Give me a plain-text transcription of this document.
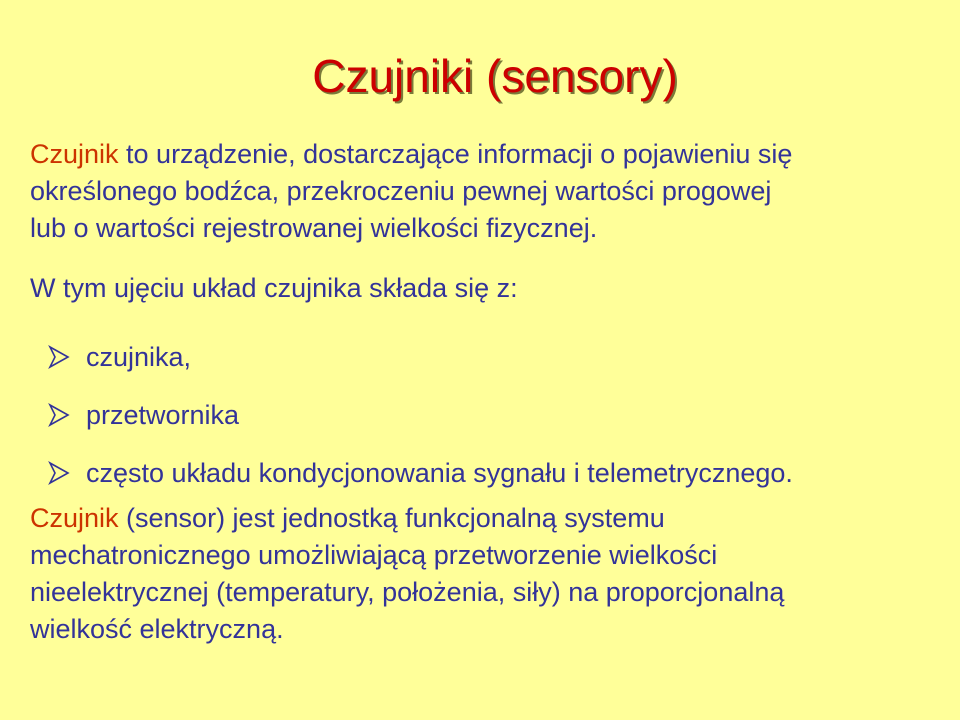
Czujniki (sensory)
Czujnik to urządzenie, dostarczające informacji o pojawieniu się
określonego bodźca, przekroczeniu pewnej wartości progowej
lub o wartości rejestrowanej wielkości fizycznej.
W tym ujęciu układ czujnika składa się z:
czujnika,
przetwornika
często układu kondycjonowania sygnału i telemetrycznego.
Czujnik (sensor) jest jednostką funkcjonalną systemu
mechatronicznego umożliwiającą przetworzenie wielkości
nieelektrycznej (temperatury, położenia, siły) na proporcjonalną
wielkość elektryczną.
